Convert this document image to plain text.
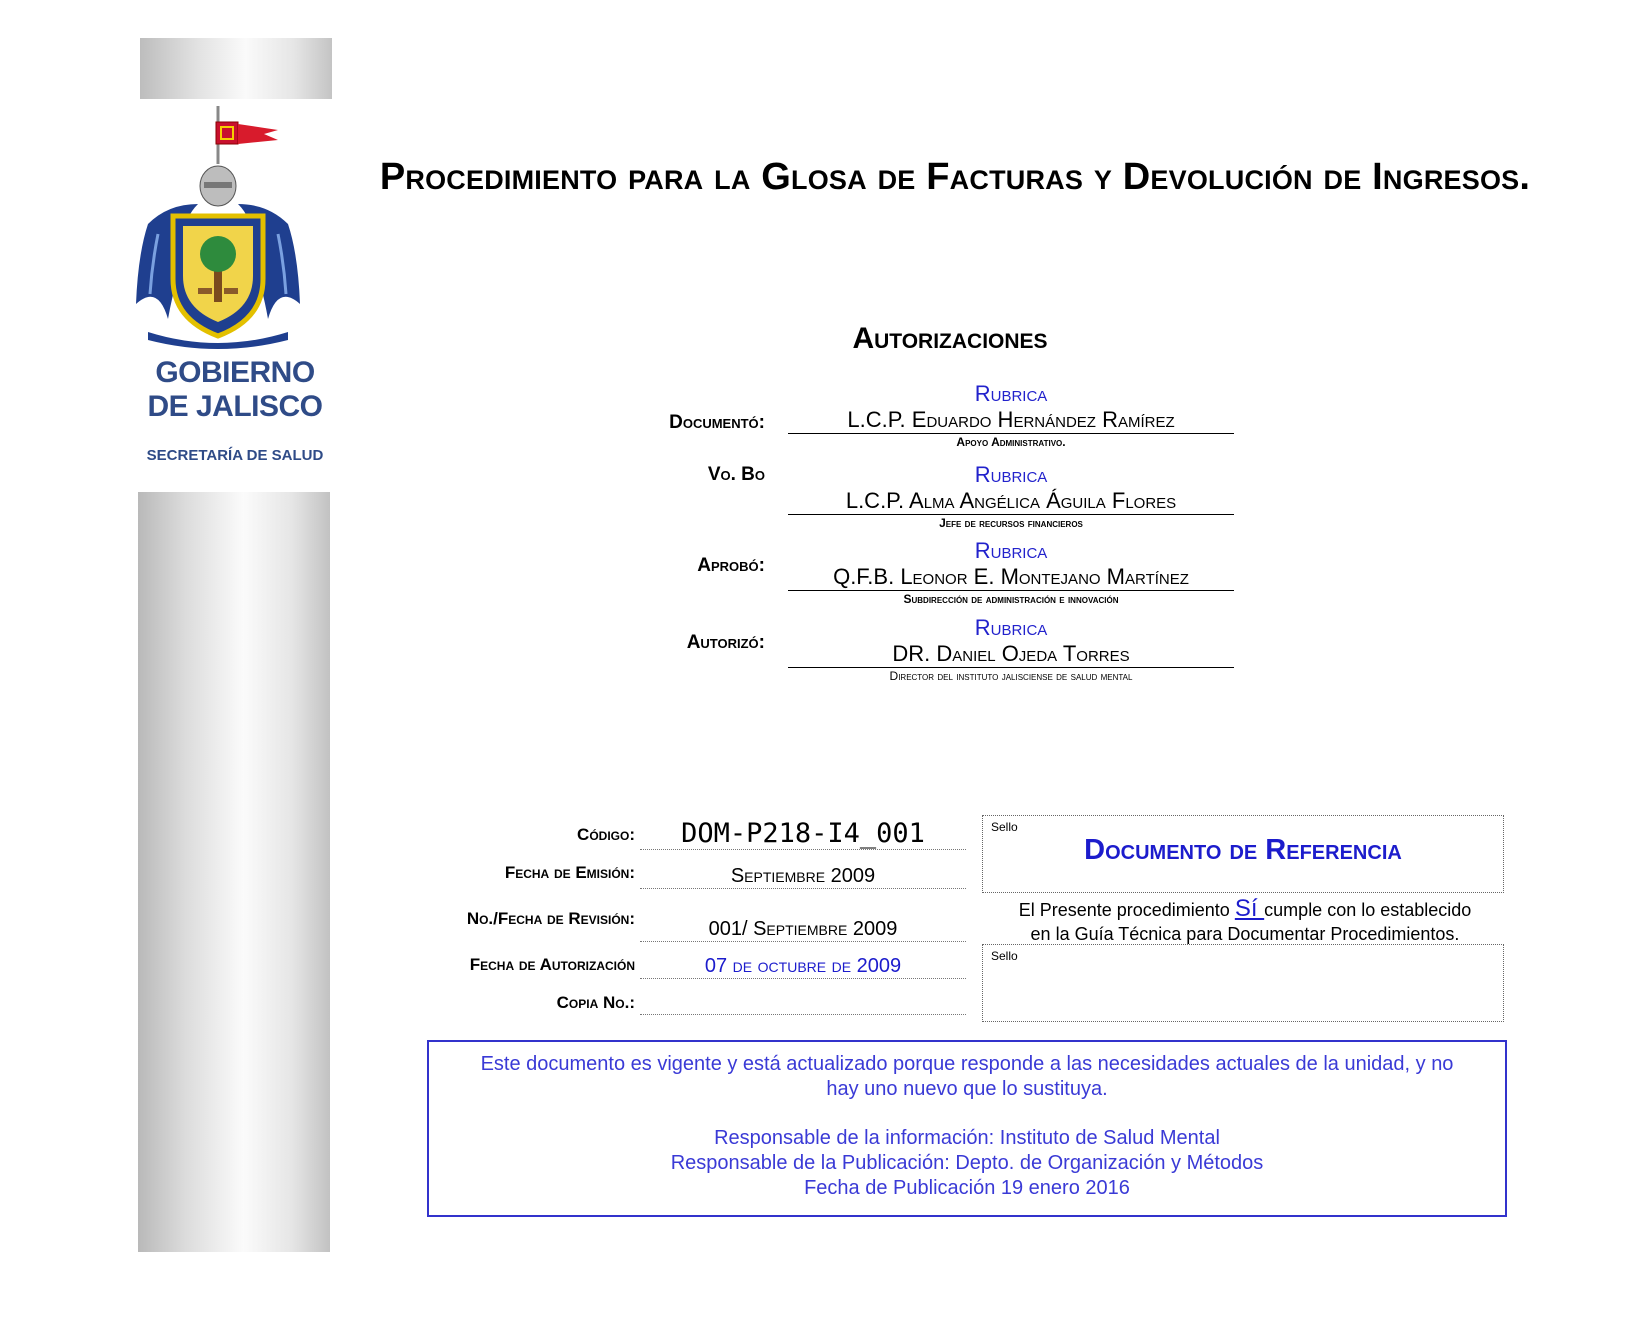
GOBIERNO
DE JALISCO
SECRETARÍA DE SALUD
Procedimiento para la Glosa de Facturas y Devolución de Ingresos.
Autorizaciones
Documentó:
Rubrica
L.C.P. Eduardo Hernández Ramírez
Apoyo Administrativo.
Vo. Bo	Rubrica
L.C.P. Alma Angélica Águila Flores
Jefe de recursos financieros
Aprobó:
Rubrica
Q.F.B. Leonor E. Montejano Martínez
Subdirección de administración e innovación
Autorizó:
Rubrica
DR. Daniel Ojeda Torres
Director del instituto jalisciense de salud mental
Código:	DOM-P218-I4_001
Fecha de Emisión:	Septiembre 2009
No./Fecha de Revisión:	001/ Septiembre 2009
Fecha de Autorización	07 de octubre de 2009
Copia No.:
Sello
Documento de Referencia
El Presente procedimiento Sí cumple con lo establecido
en la Guía Técnica para Documentar Procedimientos.
Sello
Este documento es vigente y está actualizado porque responde a las necesidades actuales de la unidad, y no
hay uno nuevo que lo sustituya.
Responsable de la información: Instituto de Salud Mental
Responsable de la Publicación: Depto. de Organización y Métodos
Fecha de Publicación 19 enero 2016
